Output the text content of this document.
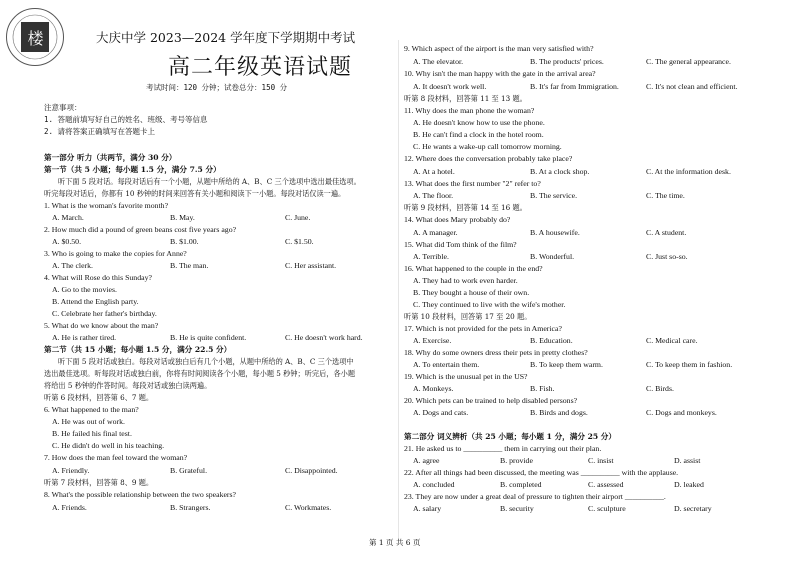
楼	大庆中学 2023—2024 学年度下学期期中考试
高二年级英语试题
考试时间：120 分钟；试卷总分：150 分
注意事项：
1. 答题前填写好自己的姓名、班级、考号等信息
2. 请将答案正确填写在答题卡上
第一部分 听力（共两节，满分 30 分）
第一节（共 5 小题；每小题 1.5 分，满分 7.5 分）
听下面 5 段对话。每段对话后有一个小题，从题中所给的 A、B、C 三个选项中选出最佳选项。
听完每段对话后，你都有 10 秒钟的时间来回答有关小题和阅读下一小题。每段对话仅读一遍。
1. What is the woman's favorite month?
A. March.	B. May.	C. June.
2. How much did a pound of green beans cost five years ago?
A. $0.50.	B. $1.00.	C. $1.50.
3. Who is going to make the copies for Anne?
A. The clerk.	B. The man.	C. Her assistant.
4. What will Rose do this Sunday?
A. Go to the movies.
B. Attend the English party.
C. Celebrate her father's birthday.
5. What do we know about the man?
A. He is rather tired.	B. He is quite confident.	C. He doesn't work hard.
第二节（共 15 小题；每小题 1.5 分，满分 22.5 分）
听下面 5 段对话或独白。每段对话或独白后有几个小题，从题中所给的 A、B、C 三个选项中
选出最佳选项。听每段对话或独白前，你将有时间阅读各个小题，每小题 5 秒钟；听完后，各小题
将给出 5 秒钟的作答时间。每段对话或独白读两遍。
听第 6 段材料，回答第 6、7 题。
6. What happened to the man?
A. He was out of work.
B. He failed his final test.
C. He didn't do well in his teaching.
7. How does the man feel toward the woman?
A. Friendly.	B. Grateful.	C. Disappointed.
听第 7 段材料，回答第 8、9 题。
8. What's the possible relationship between the two speakers?
A. Friends.	B. Strangers.	C. Workmates.
9. Which aspect of the airport is the man very satisfied with?
A. The elevator.	B. The products' prices.	C. The general appearance.
10. Why isn't the man happy with the gate in the arrival area?
A. It doesn't work well.	B. It's far from Immigration.	C. It's not clean and efficient.
听第 8 段材料，回答第 11 至 13 题。
11. Why does the man phone the woman?
A. He doesn't know how to use the phone.
B. He can't find a clock in the hotel room.
C. He wants a wake-up call tomorrow morning.
12. Where does the conversation probably take place?
A. At a hotel.	B. At a clock shop.	C. At the information desk.
13. What does the first number "2" refer to?
A. The floor.	B. The service.	C. The time.
听第 9 段材料，回答第 14 至 16 题。
14. What does Mary probably do?
A. A manager.	B. A housewife.	C. A student.
15. What did Tom think of the film?
A. Terrible.	B. Wonderful.	C. Just so-so.
16. What happened to the couple in the end?
A. They had to work even harder.
B. They bought a house of their own.
C. They continued to live with the wife's mother.
听第 10 段材料，回答第 17 至 20 题。
17. Which is not provided for the pets in America?
A. Exercise.	B. Education.	C. Medical care.
18. Why do some owners dress their pets in pretty clothes?
A. To entertain them.	B. To keep them warm.	C. To keep them in fashion.
19. Which is the unusual pet in the US?
A. Monkeys.	B. Fish.	C. Birds.
20. Which pets can be trained to help disabled persons?
A. Dogs and cats.	B. Birds and dogs.	C. Dogs and monkeys.
第二部分 词义辨析（共 25 小题；每小题 1 分，满分 25 分）
21. He asked us to __________ them in carrying out their plan.
A. agree	B. provide	C. insist	D. assist
22. After all things had been discussed, the meeting was __________ with the applause.
A. concluded	B. completed	C. assessed	D. leaked
23. They are now under a great deal of pressure to tighten their airport __________.
A. salary	B. security	C. sculpture	D. secretary
第 1 页 共 6 页
